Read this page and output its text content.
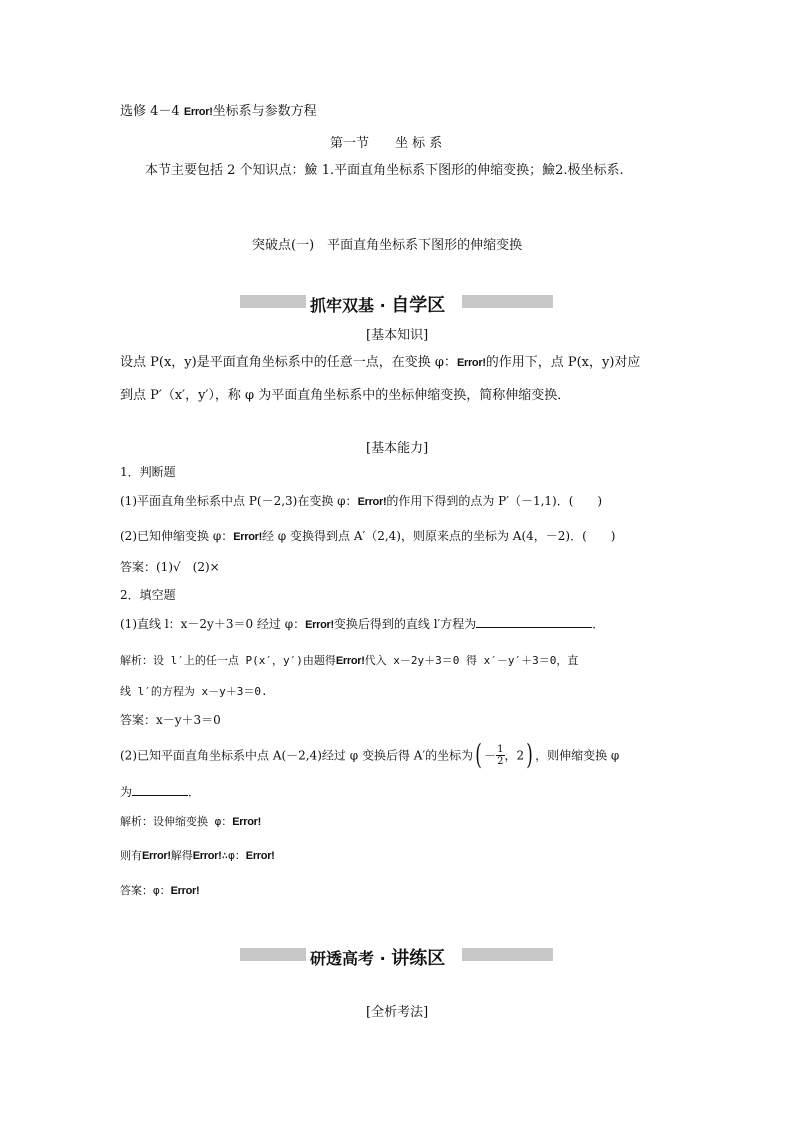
选修 4－4 Error!坐标系与参数方程
第一节　　坐 标 系
本节主要包括 2 个知识点：䲓 1.平面直角坐标系下图形的伸缩变换；䲓2.极坐标系.
突破点(一)　平面直角坐标系下图形的伸缩变换
抓牢双基 · 自学区
[基本知识]
设点 P(x，y)是平面直角坐标系中的任意一点，在变换 φ：Error!的作用下，点 P(x，y)对应
到点 P′（x′，y′），称 φ 为平面直角坐标系中的坐标伸缩变换，简称伸缩变换．
[基本能力]
1．判断题
(1)平面直角坐标系中点 P(－2,3)在变换 φ：Error!的作用下得到的点为 P′（－1,1)．(　　)
(2)已知伸缩变换 φ：Error!经 φ 变换得到点 A′（2,4)，则原来点的坐标为 A(4，－2)．(　　)
答案：(1)√　(2)×
2．填空题
(1)直线 l：x－2y＋3＝0 经过 φ：Error!变换后得到的直线 l′方程为	．
解析：设 l′上的任一点 P(x′，y′)由题得Error!代入 x－2y＋3＝0 得 x′－y′＋3＝0，直
线 l′的方程为 x－y＋3＝0.
答案：x－y＋3＝0
(2)已知平面直角坐标系中点 A(－2,4)经过 φ 变换后得 A′的坐标为( － $\frac{1}{2}$ ，2) ，则伸缩变换 φ
为	．
解析：设伸缩变换 φ：Error!
则有Error!解得Error!∴φ：Error!
答案：φ：Error!
研透高考 · 讲练区
[全析考法]
